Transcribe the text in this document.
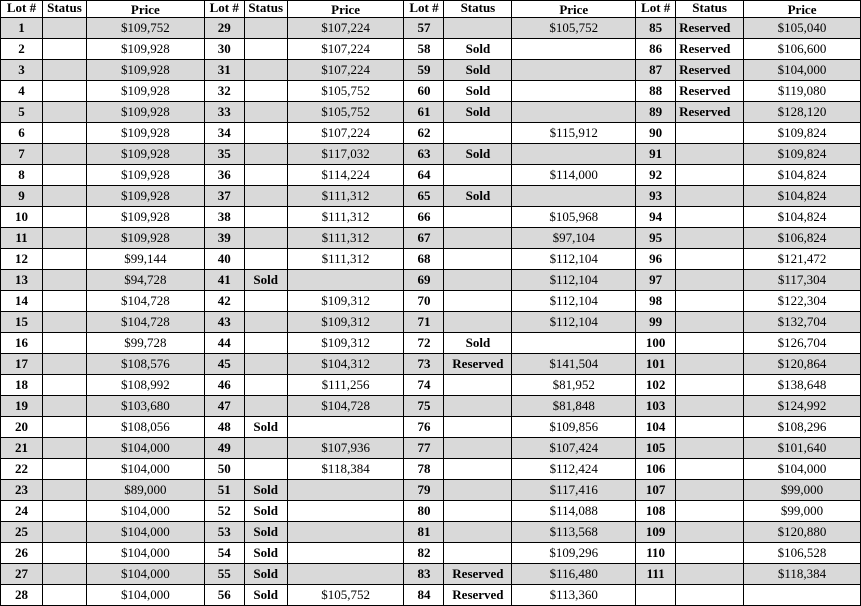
Lot #	Status	Price	Lot #	Status	Price	Lot #	Status	Price	Lot #	Status	Price
1		$109,752	29		$107,224	57		$105,752	85	Reserved	$105,040
2		$109,928	30		$107,224	58	Sold		86	Reserved	$106,600
3		$109,928	31		$107,224	59	Sold		87	Reserved	$104,000
4		$109,928	32		$105,752	60	Sold		88	Reserved	$119,080
5		$109,928	33		$105,752	61	Sold		89	Reserved	$128,120
6		$109,928	34		$107,224	62		$115,912	90		$109,824
7		$109,928	35		$117,032	63	Sold		91		$109,824
8		$109,928	36		$114,224	64		$114,000	92		$104,824
9		$109,928	37		$111,312	65	Sold		93		$104,824
10		$109,928	38		$111,312	66		$105,968	94		$104,824
11		$109,928	39		$111,312	67		$97,104	95		$106,824
12		$99,144	40		$111,312	68		$112,104	96		$121,472
13		$94,728	41	Sold		69		$112,104	97		$117,304
14		$104,728	42		$109,312	70		$112,104	98		$122,304
15		$104,728	43		$109,312	71		$112,104	99		$132,704
16		$99,728	44		$109,312	72	Sold		100		$126,704
17		$108,576	45		$104,312	73	Reserved	$141,504	101		$120,864
18		$108,992	46		$111,256	74		$81,952	102		$138,648
19		$103,680	47		$104,728	75		$81,848	103		$124,992
20		$108,056	48	Sold		76		$109,856	104		$108,296
21		$104,000	49		$107,936	77		$107,424	105		$101,640
22		$104,000	50		$118,384	78		$112,424	106		$104,000
23		$89,000	51	Sold		79		$117,416	107		$99,000
24		$104,000	52	Sold		80		$114,088	108		$99,000
25		$104,000	53	Sold		81		$113,568	109		$120,880
26		$104,000	54	Sold		82		$109,296	110		$106,528
27		$104,000	55	Sold		83	Reserved	$116,480	111		$118,384
28		$104,000	56	Sold	$105,752	84	Reserved	$113,360			
